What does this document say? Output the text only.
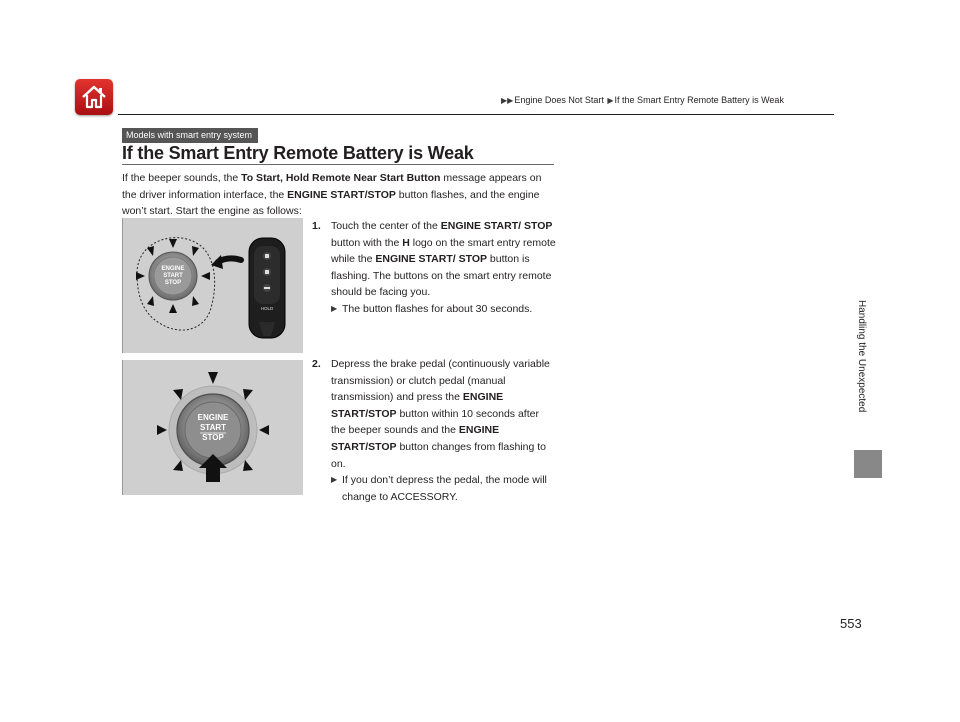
▶▶Engine Does Not Start ▶If the Smart Entry Remote Battery is Weak
Handling the Unexpected
Models with smart entry system
If the Smart Entry Remote Battery is Weak
If the beeper sounds, the To Start, Hold Remote Near Start Button message appears on the driver information interface, the ENGINE START/STOP button flashes, and the engine won’t start. Start the engine as follows:
ENGINE
START
STOP
HOLD
1. Touch the center of the ENGINE START/ STOP button with the H logo on the smart entry remote while the ENGINE START/ STOP button is flashing. The buttons on the smart entry remote should be facing you.
▶ The button flashes for about 30 seconds.
ENGINE
START
STOP
2. Depress the brake pedal (continuously variable transmission) or clutch pedal (manual transmission) and press the ENGINE START/STOP button within 10 seconds after the beeper sounds and the ENGINE START/STOP button changes from flashing to on.
▶ If you don’t depress the pedal, the mode will change to ACCESSORY.
553
